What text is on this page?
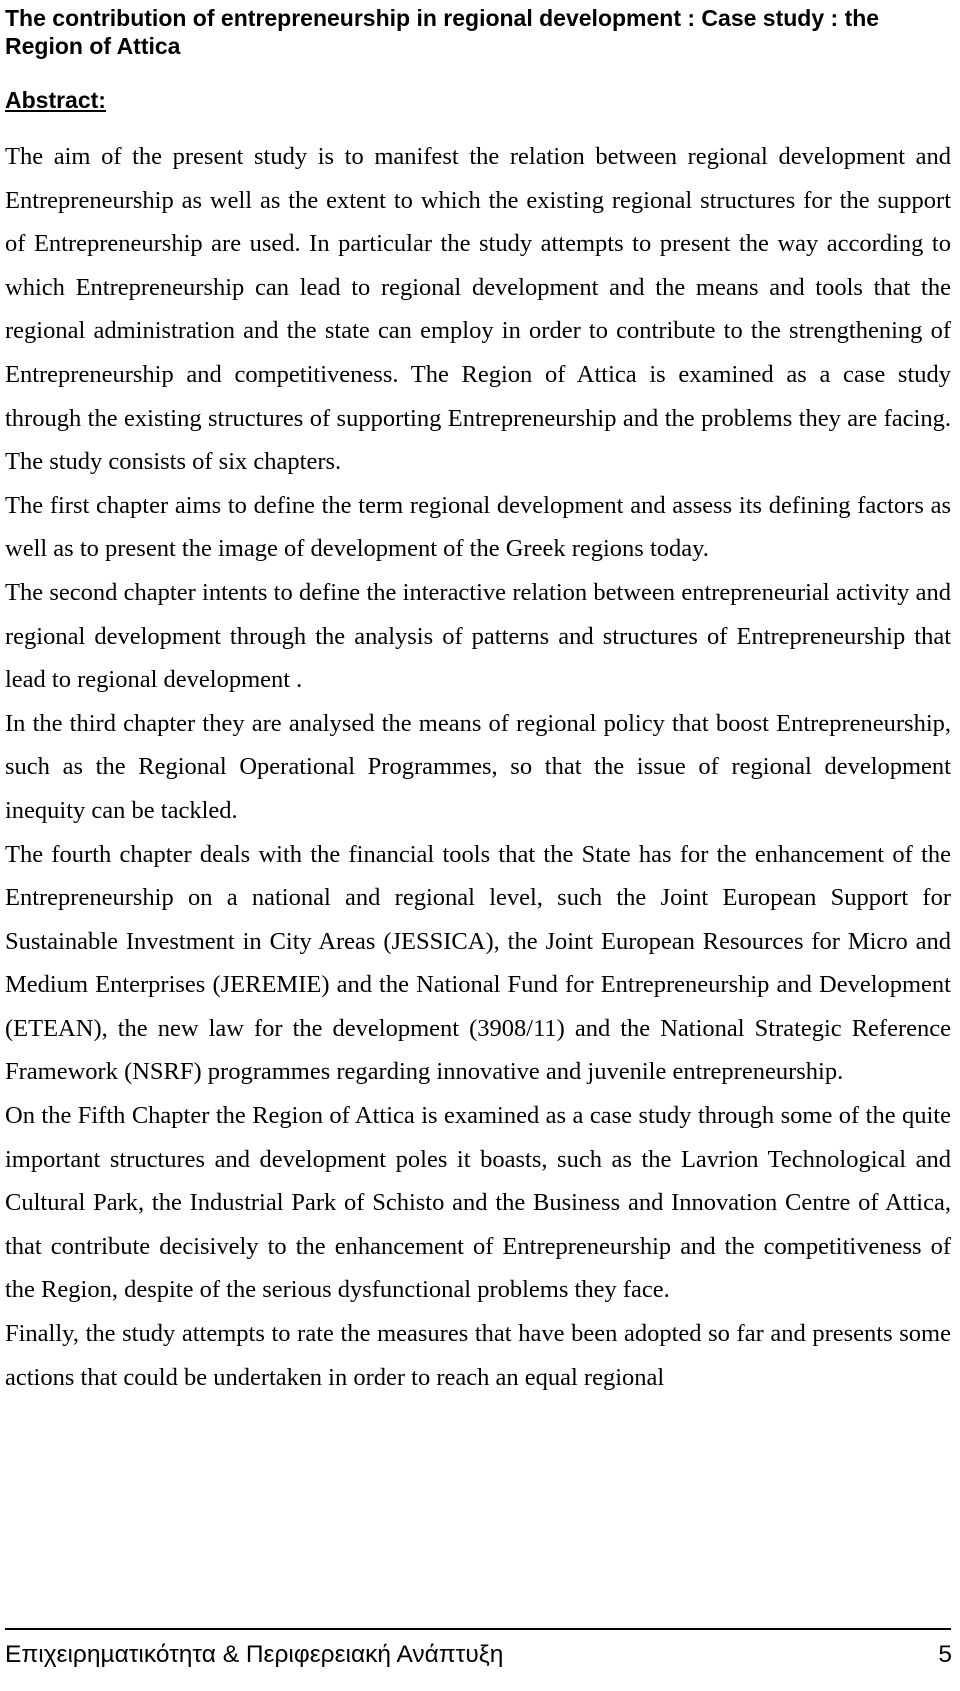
The contribution of entrepreneurship in regional development : Case study : the Region of Attica
Abstract:

The aim of the present study is to manifest the relation between regional development and Entrepreneurship as well as the extent to which the existing regional structures for the support of Entrepreneurship are used. In particular the study attempts to present the way according to which Entrepreneurship can lead to regional development and the means and tools that the regional administration and the state can employ in order to contribute to the strengthening of Entrepreneurship and competitiveness. The Region of Attica is examined as a case study through the existing structures of supporting Entrepreneurship and the problems they are facing. The study consists of six chapters.

The first chapter aims to define the term regional development and assess its defining factors as well as to present the image of development of the Greek regions today.

The second chapter intents to define the interactive relation between entrepreneurial activity and regional development through the analysis of patterns and structures of Entrepreneurship that lead to regional development .

In the third chapter they are analysed the means of regional policy that boost Entrepreneurship, such as the Regional Operational Programmes, so that the issue of regional development inequity can be tackled.

The fourth chapter deals with the financial tools that the State has for the enhancement of the Entrepreneurship on a national and regional level, such the Joint European Support for Sustainable Investment in City Areas (JESSICA), the Joint European Resources for Micro and Medium Enterprises (JEREMIE) and the National Fund for Entrepreneurship and Development (ETEAN), the new law for the development (3908/11) and the National Strategic Reference Framework (NSRF) programmes regarding innovative and juvenile entrepreneurship.

On the Fifth Chapter the Region of Attica is examined as a case study through some of the quite important structures and development poles it boasts, such as the Lavrion Technological and Cultural Park, the Industrial Park of Schisto and the Business and Innovation Centre of Attica, that contribute decisively to the enhancement of Entrepreneurship and the competitiveness of the Region, despite of the serious dysfunctional problems they face.

Finally, the study attempts to rate the measures that have been adopted so far and presents some actions that could be undertaken in order to reach an equal regional

Επιχειρηµατικότητα & Περιφερειακή Ανάπτυξη	5
